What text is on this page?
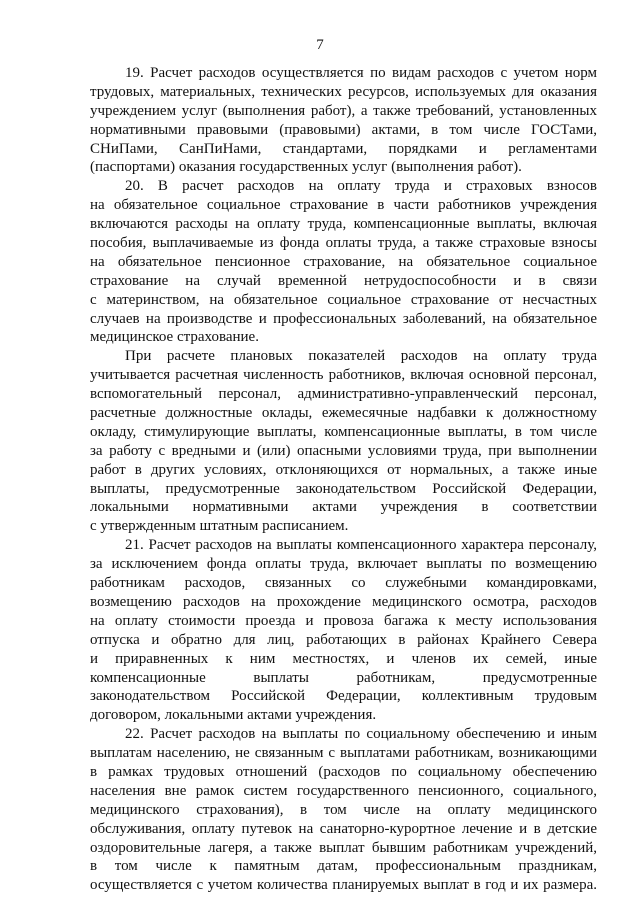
7
19. Расчет расходов осуществляется по видам расходов с учетом норм
трудовых, материальных, технических ресурсов, используемых для оказания
учреждением услуг (выполнения работ), а также требований, установленных
нормативными правовыми (правовыми) актами, в том числе ГОСТами,
СНиПами, СанПиНами, стандартами, порядками и регламентами
(паспортами) оказания государственных услуг (выполнения работ).
20. В расчет расходов на оплату труда и страховых взносов
на обязательное социальное страхование в части работников учреждения
включаются расходы на оплату труда, компенсационные выплаты, включая
пособия, выплачиваемые из фонда оплаты труда, а также страховые взносы
на обязательное пенсионное страхование, на обязательное социальное
страхование на случай временной нетрудоспособности и в связи
с материнством, на обязательное социальное страхование от несчастных
случаев на производстве и профессиональных заболеваний, на обязательное
медицинское страхование.
При расчете плановых показателей расходов на оплату труда
учитывается расчетная численность работников, включая основной персонал,
вспомогательный персонал, административно-управленческий персонал,
расчетные должностные оклады, ежемесячные надбавки к должностному
окладу, стимулирующие выплаты, компенсационные выплаты, в том числе
за работу с вредными и (или) опасными условиями труда, при выполнении
работ в других условиях, отклоняющихся от нормальных, а также иные
выплаты, предусмотренные законодательством Российской Федерации,
локальными нормативными актами учреждения в соответствии
с утвержденным штатным расписанием.
21. Расчет расходов на выплаты компенсационного характера персоналу,
за исключением фонда оплаты труда, включает выплаты по возмещению
работникам расходов, связанных со служебными командировками,
возмещению расходов на прохождение медицинского осмотра, расходов
на оплату стоимости проезда и провоза багажа к месту использования
отпуска и обратно для лиц, работающих в районах Крайнего Севера
и приравненных к ним местностях, и членов их семей, иные
компенсационные выплаты работникам, предусмотренные
законодательством Российской Федерации, коллективным трудовым
договором, локальными актами учреждения.
22. Расчет расходов на выплаты по социальному обеспечению и иным
выплатам населению, не связанным с выплатами работникам, возникающими
в рамках трудовых отношений (расходов по социальному обеспечению
населения вне рамок систем государственного пенсионного, социального,
медицинского страхования), в том числе на оплату медицинского
обслуживания, оплату путевок на санаторно-курортное лечение и в детские
оздоровительные лагеря, а также выплат бывшим работникам учреждений,
в том числе к памятным датам, профессиональным праздникам,
осуществляется с учетом количества планируемых выплат в год и их размера.
